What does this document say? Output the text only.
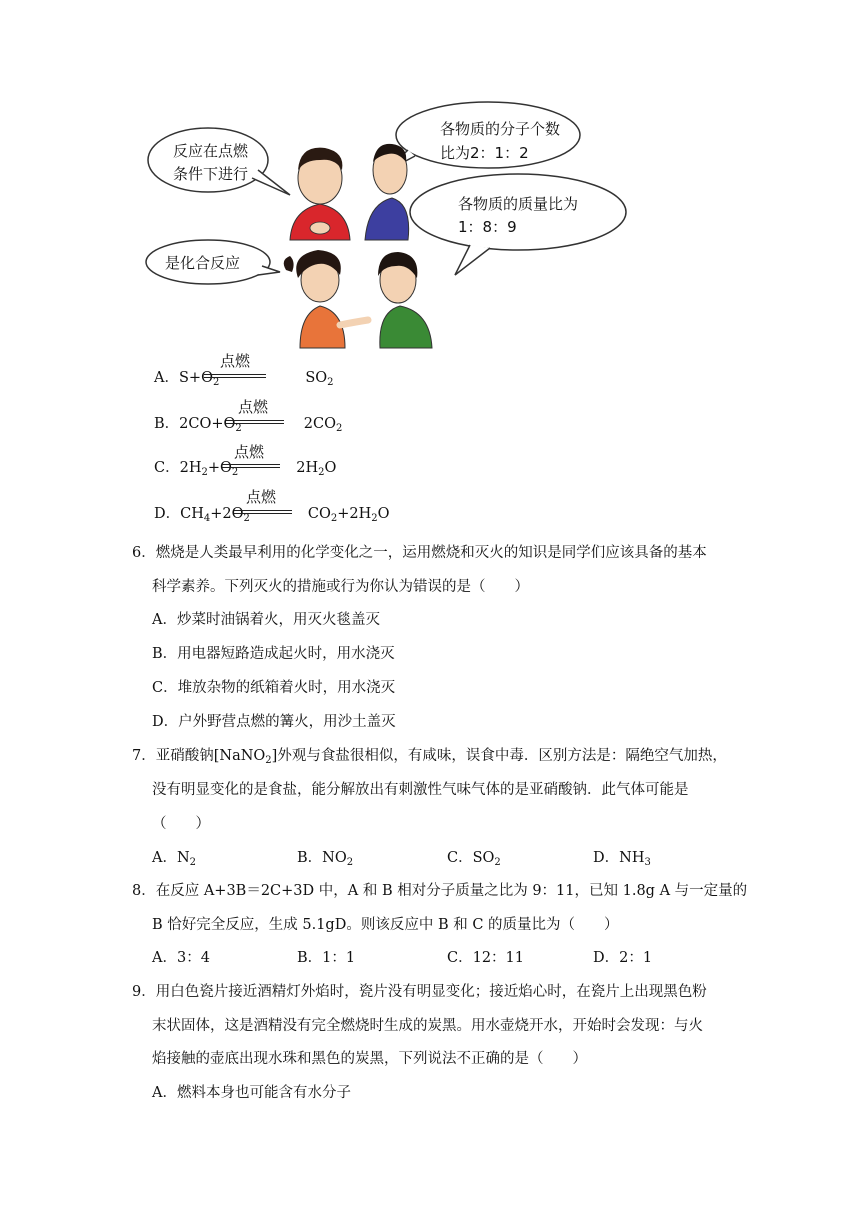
反应在点燃
条件下进行
各物质的分子个数
比为2：1：2
各物质的质量比为
1：8：9
是化合反应
A．$S+O_2$	$SO_2$
点燃
B．$2CO+O_2$	$2CO_2$
点燃
C．$2H_2+O_2$	$2H_2O$
点燃
D．$CH_4+2O_2$	$CO_2+2H_2O$
点燃
6．燃烧是人类最早利用的化学变化之一，运用燃烧和灭火的知识是同学们应该具备的基本
科学素养。下列灭火的措施或行为你认为错误的是（　　）
A．炒菜时油锅着火，用灭火毯盖灭
B．用电器短路造成起火时，用水浇灭
C．堆放杂物的纸箱着火时，用水浇灭
D．户外野营点燃的篝火，用沙土盖灭
7．亚硝酸钠[NaNO$_2$]外观与食盐很相似，有咸味，误食中毒．区别方法是：隔绝空气加热，
没有明显变化的是食盐，能分解放出有刺激性气味气体的是亚硝酸钠．此气体可能是
（　　）
A．$N_2$	B．$NO_2$	C．$SO_2$	D．$NH_3$
8．在反应 A+3B＝2C+3D 中，A 和 B 相对分子质量之比为 9：11，已知 1.8g A 与一定量的
B 恰好完全反应，生成 5.1gD。则该反应中 B 和 C 的质量比为（　　）
A．3：4	B．1：1	C．12：11	D．2：1
9．用白色瓷片接近酒精灯外焰时，瓷片没有明显变化；接近焰心时，在瓷片上出现黑色粉
末状固体，这是酒精没有完全燃烧时生成的炭黑。用水壶烧开水，开始时会发现：与火
焰接触的壶底出现水珠和黑色的炭黑，下列说法不正确的是（　　）
A．燃料本身也可能含有水分子
